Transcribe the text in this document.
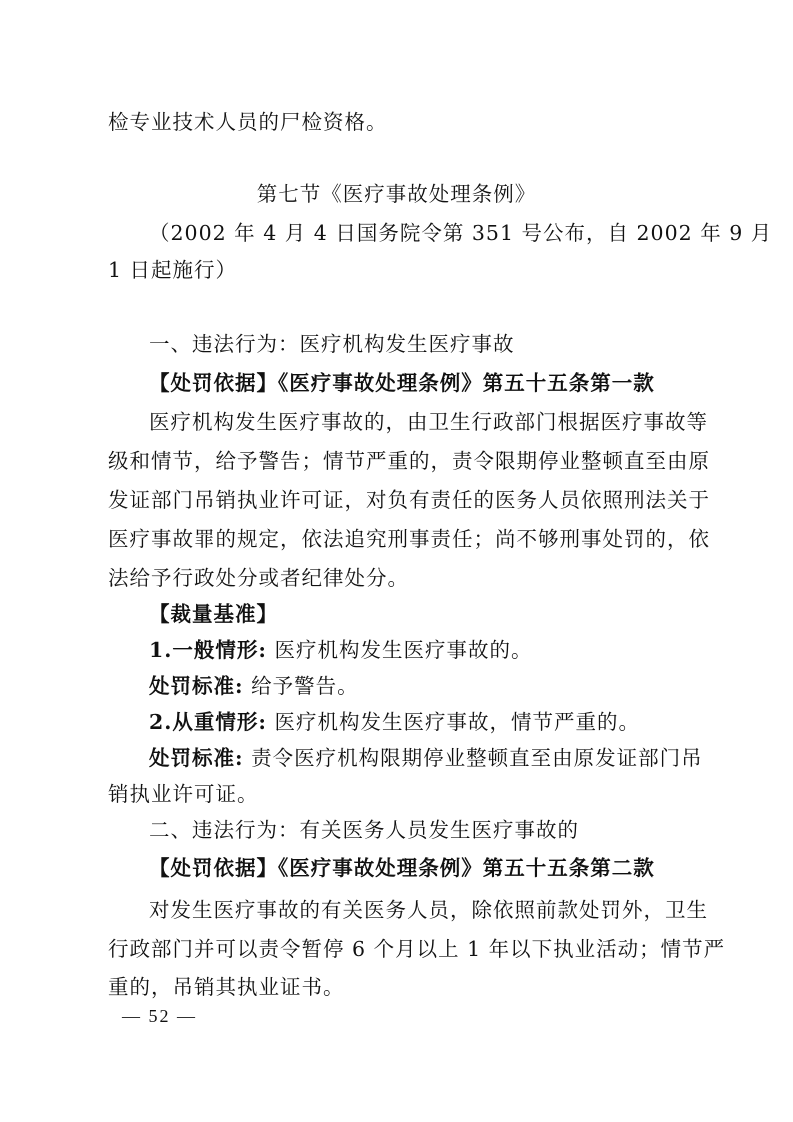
检专业技术人员的尸检资格。
第七节《医疗事故处理条例》
（2002 年 4 月 4 日国务院令第 351 号公布，自 2002 年 9 月
1 日起施行）
一、违法行为：医疗机构发生医疗事故
【处罚依据】《医疗事故处理条例》第五十五条第一款
医疗机构发生医疗事故的，由卫生行政部门根据医疗事故等
级和情节，给予警告；情节严重的，责令限期停业整顿直至由原
发证部门吊销执业许可证，对负有责任的医务人员依照刑法关于
医疗事故罪的规定，依法追究刑事责任；尚不够刑事处罚的，依
法给予行政处分或者纪律处分。
【裁量基准】
1.一般情形: 医疗机构发生医疗事故的。
处罚标准: 给予警告。
2.从重情形: 医疗机构发生医疗事故，情节严重的。
处罚标准: 责令医疗机构限期停业整顿直至由原发证部门吊
销执业许可证。
二、违法行为：有关医务人员发生医疗事故的
【处罚依据】《医疗事故处理条例》第五十五条第二款
对发生医疗事故的有关医务人员，除依照前款处罚外，卫生
行政部门并可以责令暂停 6 个月以上 1 年以下执业活动；情节严
重的，吊销其执业证书。
— 52 —
